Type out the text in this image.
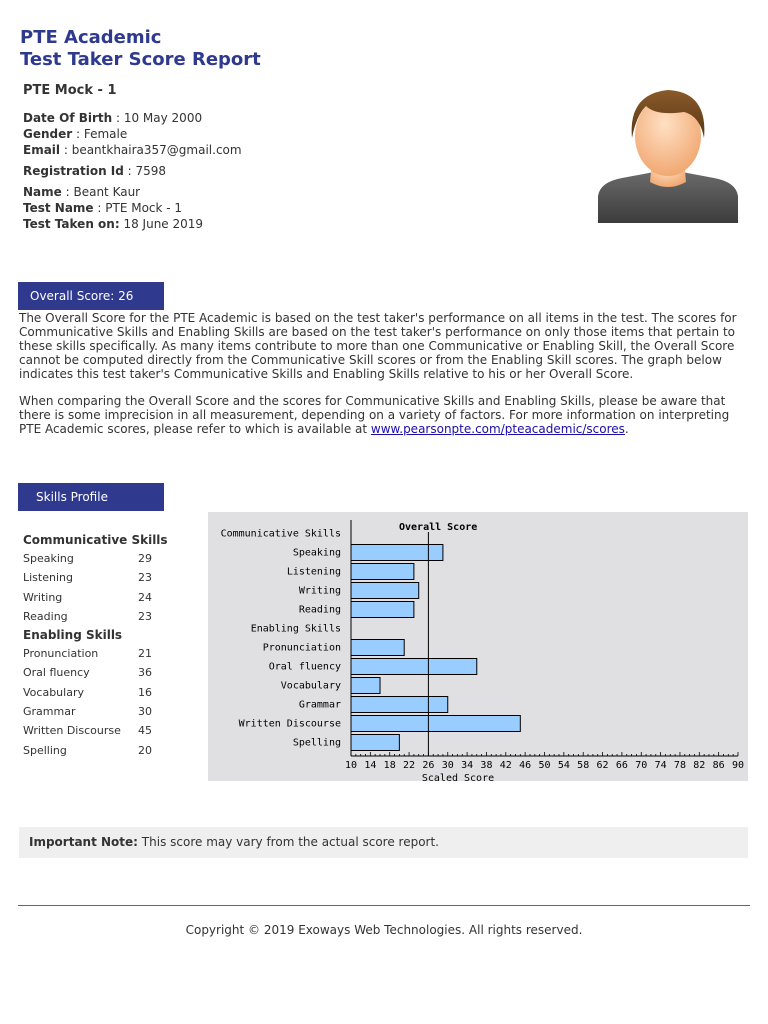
PTE Academic
Test Taker Score Report
PTE Mock - 1
Date Of Birth : 10 May 2000
Gender : Female
Email : beantkhaira357@gmail.com
Registration Id : 7598
Name : Beant Kaur
Test Name : PTE Mock - 1
Test Taken on: 18 June 2019
Overall Score: 26
The Overall Score for the PTE Academic is based on the test taker's performance on all items in the test. The scores for Communicative Skills and Enabling Skills are based on the test taker's performance on only those items that pertain to these skills specifically. As many items contribute to more than one Communicative or Enabling Skill, the Overall Score cannot be computed directly from the Communicative Skill scores or from the Enabling Skill scores. The graph below indicates this test taker's Communicative Skills and Enabling Skills relative to his or her Overall Score.
When comparing the Overall Score and the scores for Communicative Skills and Enabling Skills, please be aware that there is some imprecision in all measurement, depending on a variety of factors. For more information on interpreting PTE Academic scores, please refer to which is available at www.pearsonpte.com/pteacademic/scores.
Skills Profile
Communicative Skills
Speaking	29
Listening	23
Writing	24
Reading	23
Enabling Skills
Pronunciation	21
Oral fluency	36
Vocabulary	16
Grammar	30
Written Discourse 45
Spelling	20
Overall Score
10 14 18 22 26 30 34 38 42 46 50 54 58 62 66 70 74 78 82 86 90
Scaled Score
Communicative Skills
Speaking
Listening
Writing
Reading
Enabling Skills
Pronunciation
Oral fluency
Vocabulary
Grammar
Written Discourse
Spelling
Important Note: This score may vary from the actual score report.
Copyright © 2019 Exoways Web Technologies. All rights reserved.
